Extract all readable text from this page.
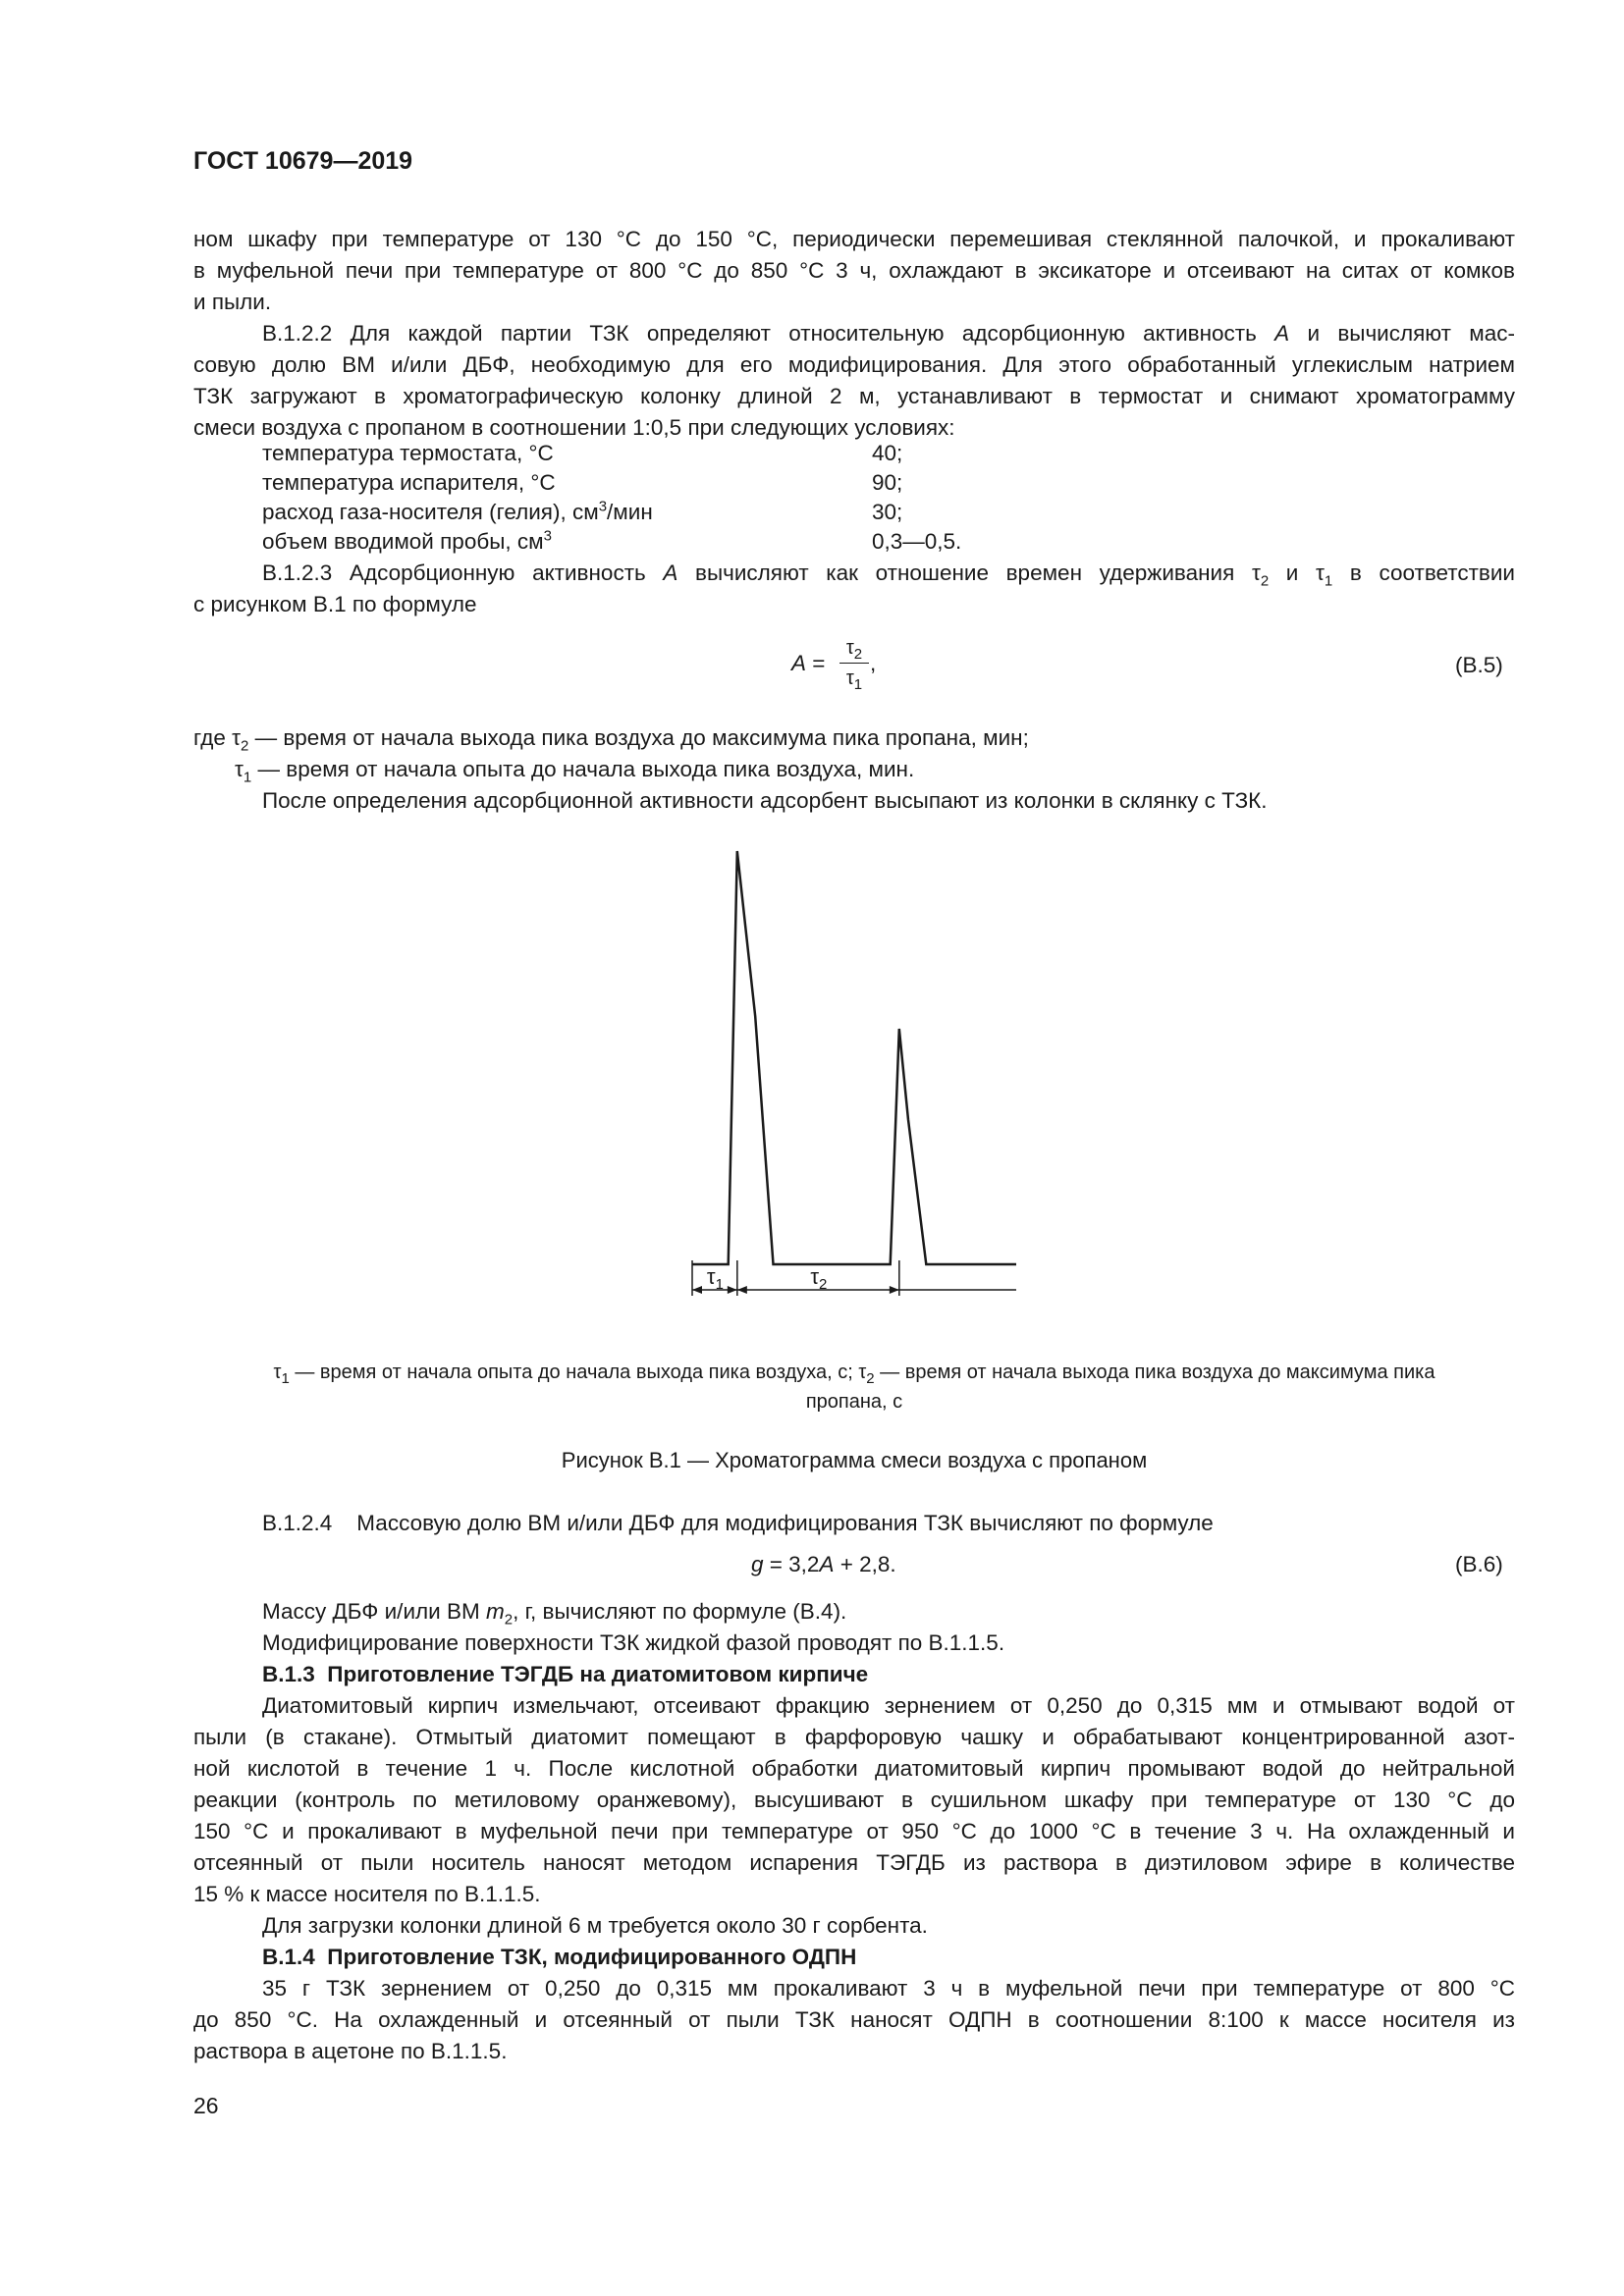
ГОСТ 10679—2019
ном шкафу при температуре от 130 °С до 150 °С, периодически перемешивая стеклянной палочкой, и прокаливают
в муфельной печи при температуре от 800 °С до 850 °С 3 ч, охлаждают в эксикаторе и отсеивают на ситах от комков
и пыли.
В.1.2.2 Для каждой партии ТЗК определяют относительную адсорбционную активность A и вычисляют мас-
совую долю ВМ и/или ДБФ, необходимую для его модифицирования. Для этого обработанный углекислым натрием
ТЗК загружают в хроматографическую колонку длиной 2 м, устанавливают в термостат и снимают хроматограмму
смеси воздуха с пропаном в соотношении 1:0,5 при следующих условиях:
температура термостата, °С	40;
температура испарителя, °С	90;
расход газа-носителя (гелия), $см^3$/мин	30;
объем вводимой пробы, $см^3$	0,3—0,5.
В.1.2.3 Адсорбционную активность A вычисляют как отношение времен удерживания $\tau_2$ и $\tau_1$ в соответствии
с рисунком В.1 по формуле
A =
$\tau_2$
$\tau_1$
,	(В.5)
где $\tau_2$ — время от начала выхода пика воздуха до максимума пика пропана, мин;
$\tau_1$ — время от начала опыта до начала выхода пика воздуха, мин.
После определения адсорбционной активности адсорбент высыпают из колонки в склянку с ТЗК.
$\tau_1$	$\tau_2$
$\tau_1$ — время от начала опыта до начала выхода пика воздуха, с; $\tau_2$ — время от начала выхода пика воздуха до максимума пика
пропана, с
Рисунок В.1 — Хроматограмма смеси воздуха с пропаном
В.1.2.4    Массовую долю ВМ и/или ДБФ для модифицирования ТЗК вычисляют по формуле
g = 3,2A + 2,8.	(В.6)
Массу ДБФ и/или ВМ $m_2$, г, вычисляют по формуле (В.4).
Модифицирование поверхности ТЗК жидкой фазой проводят по В.1.1.5.
В.1.3  Приготовление ТЭГДБ на диатомитовом кирпиче
Диатомитовый кирпич измельчают, отсеивают фракцию зернением от 0,250 до 0,315 мм и отмывают водой от
пыли (в стакане). Отмытый диатомит помещают в фарфоровую чашку и обрабатывают концентрированной азот-
ной кислотой в течение 1 ч. После кислотной обработки диатомитовый кирпич промывают водой до нейтральной
реакции (контроль по метиловому оранжевому), высушивают в сушильном шкафу при температуре от 130 °С до
150 °С и прокаливают в муфельной печи при температуре от 950 °С до 1000 °С в течение 3 ч. На охлажденный и
отсеянный от пыли носитель наносят методом испарения ТЭГДБ из раствора в диэтиловом эфире в количестве
15 % к массе носителя по В.1.1.5.
Для загрузки колонки длиной 6 м требуется около 30 г сорбента.
В.1.4  Приготовление ТЗК, модифицированного ОДПН
35 г ТЗК зернением от 0,250 до 0,315 мм прокаливают 3 ч в муфельной печи при температуре от 800 °С
до 850 °С. На охлажденный и отсеянный от пыли ТЗК наносят ОДПН в соотношении 8:100 к массе носителя из
раствора в ацетоне по В.1.1.5.
26
